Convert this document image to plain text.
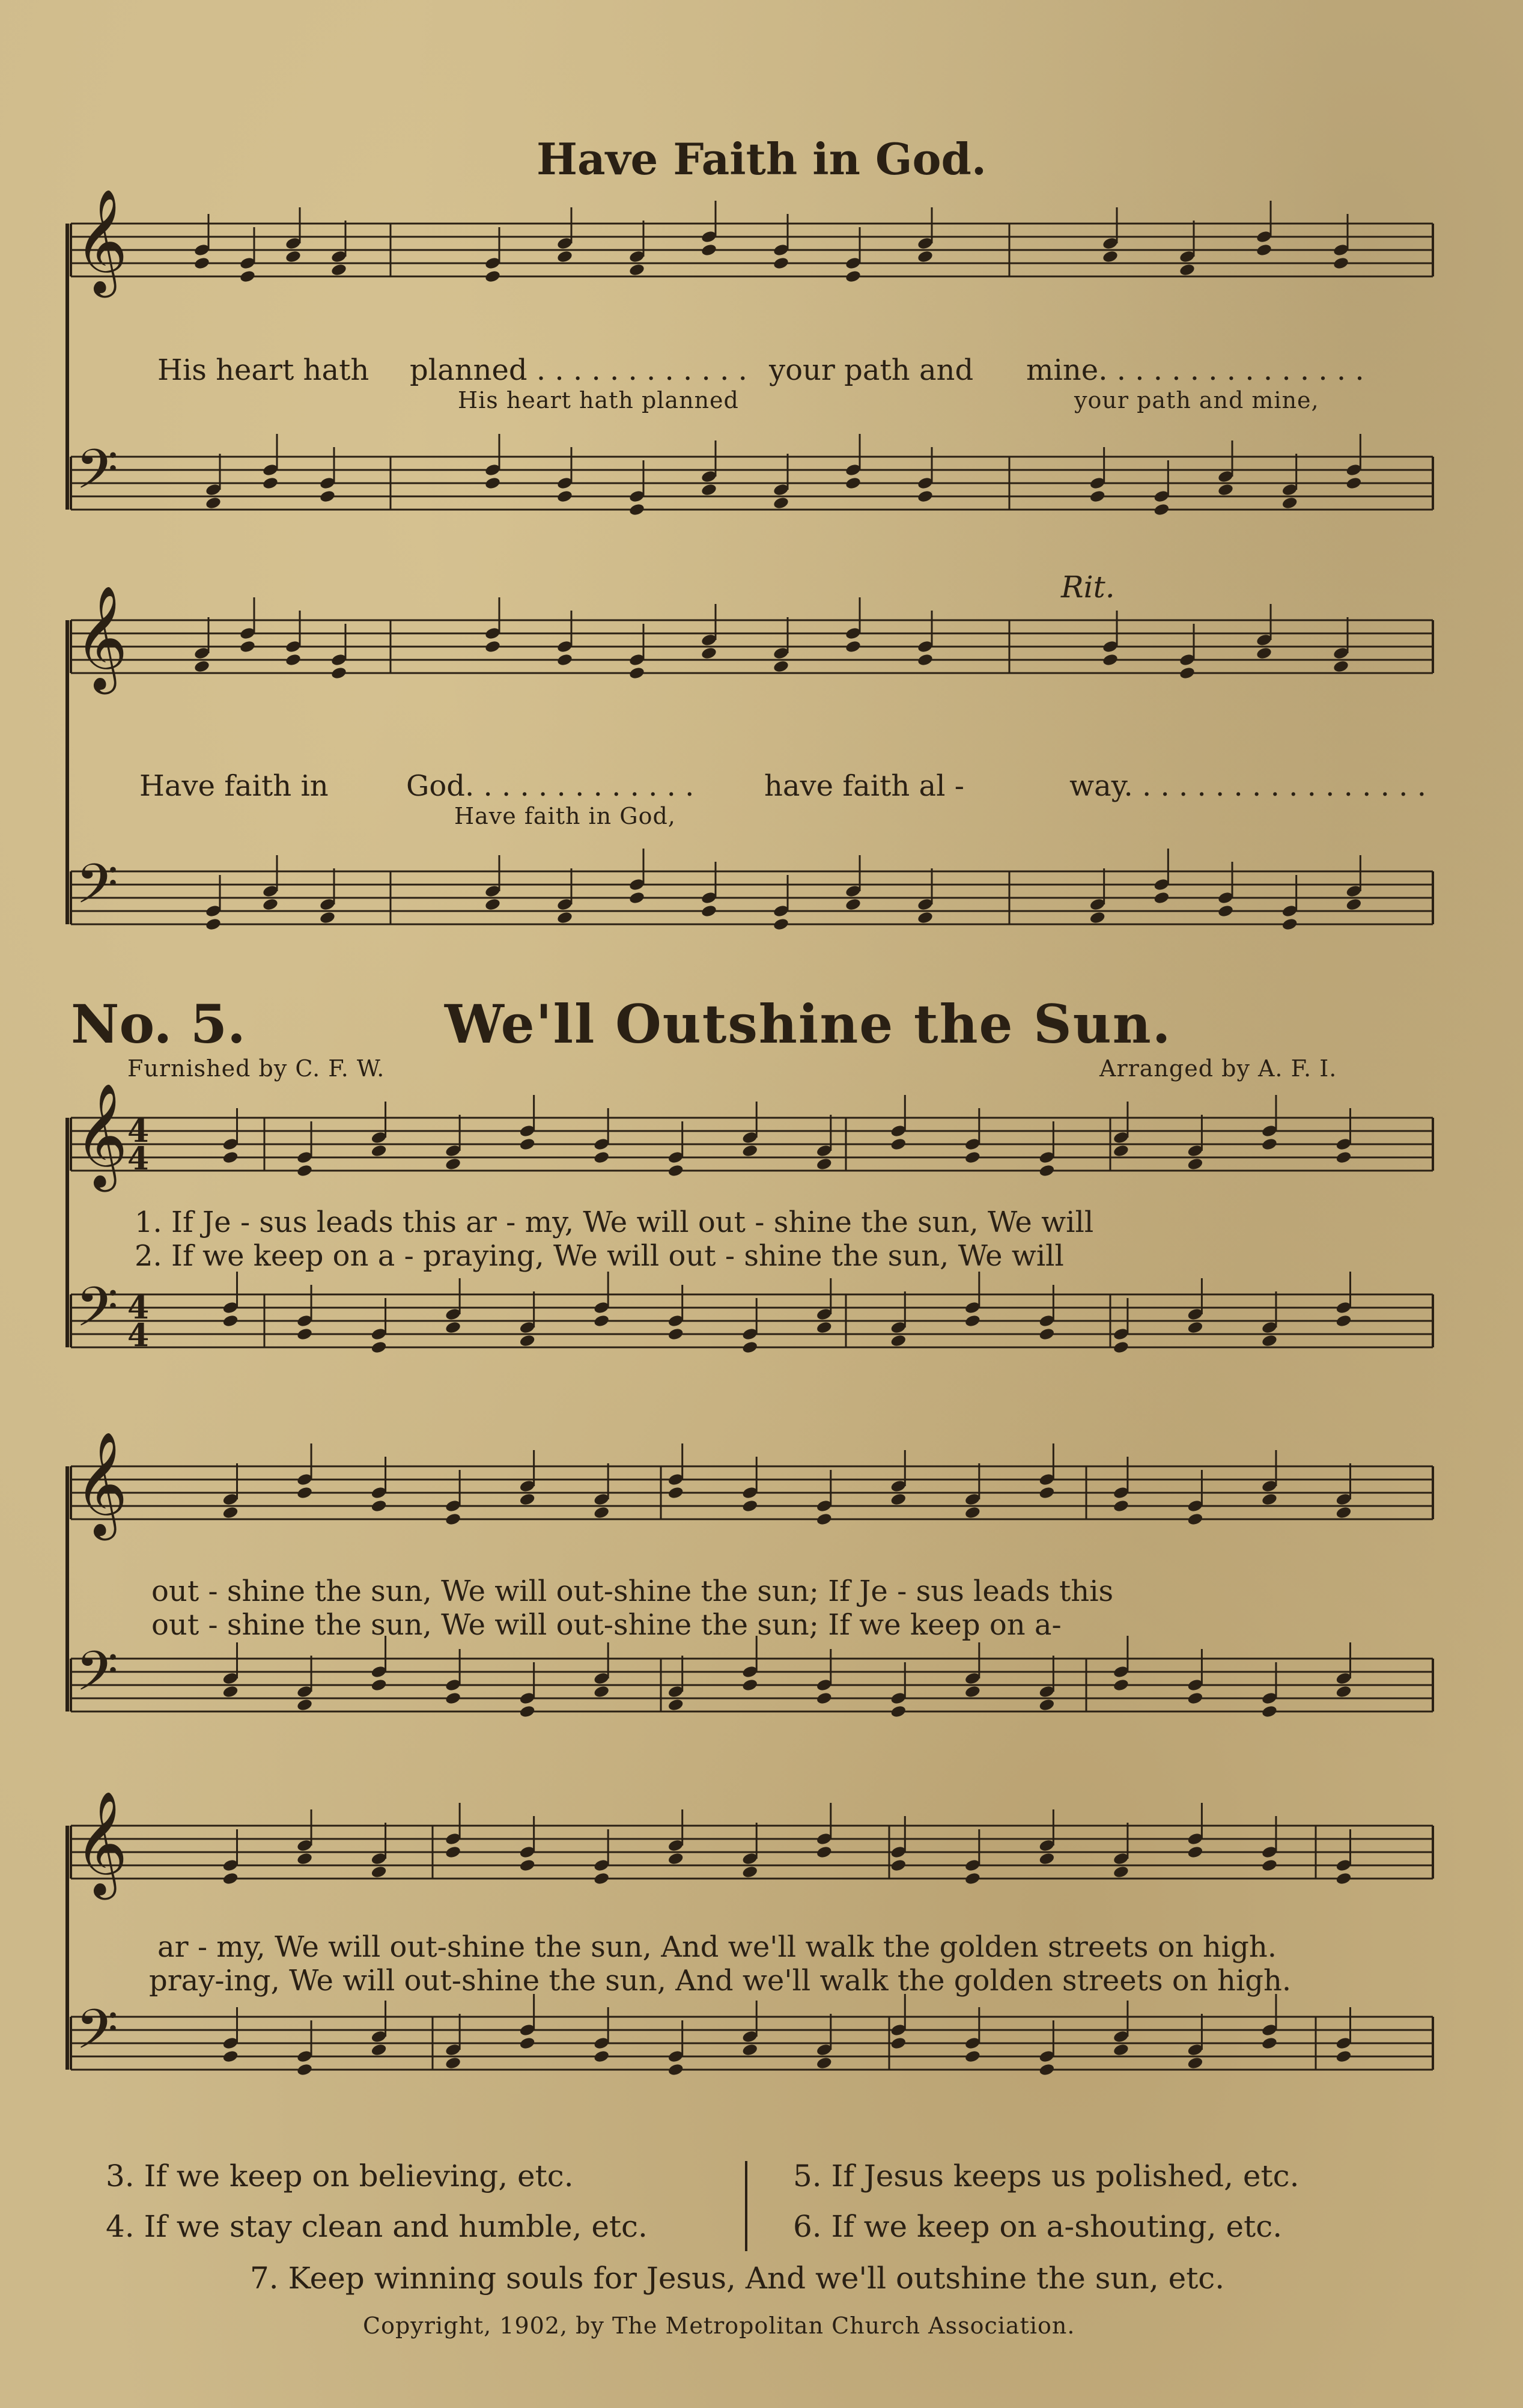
𝄞
𝄢
𝄞
𝄢
𝄞
𝄢
𝄞
𝄢
𝄞
𝄢
4
4
4
4
Have Faith in God.
His heart hath planned . . . . . . . . . . . . your path and mine. . . . . . . . . . . . . . .
His heart hath planned	your path and mine,
Rit.
Have faith in	God. . . . . . . . . . . . . have faith al -	way. . . . . . . . . . . . . . . . .
Have faith in God,
No. 5.	We'll Outshine the Sun.
Furnished by C. F. W.	Arranged by A. F. I.
1. If Je - sus leads this ar - my, We will out - shine the sun, We will
2. If we keep on a - praying, We will out - shine the sun, We will
out - shine the sun, We will out-shine the sun; If Je - sus leads this
out - shine the sun, We will out-shine the sun; If we keep on a-
ar - my, We will out-shine the sun, And we'll walk the golden streets on high.
pray-ing, We will out-shine the sun, And we'll walk the golden streets on high.
3. If we keep on believing, etc.
4. If we stay clean and humble, etc.
5. If Jesus keeps us polished, etc.
6. If we keep on a-shouting, etc.
7. Keep winning souls for Jesus, And we'll outshine the sun, etc.
Copyright, 1902, by The Metropolitan Church Association.
